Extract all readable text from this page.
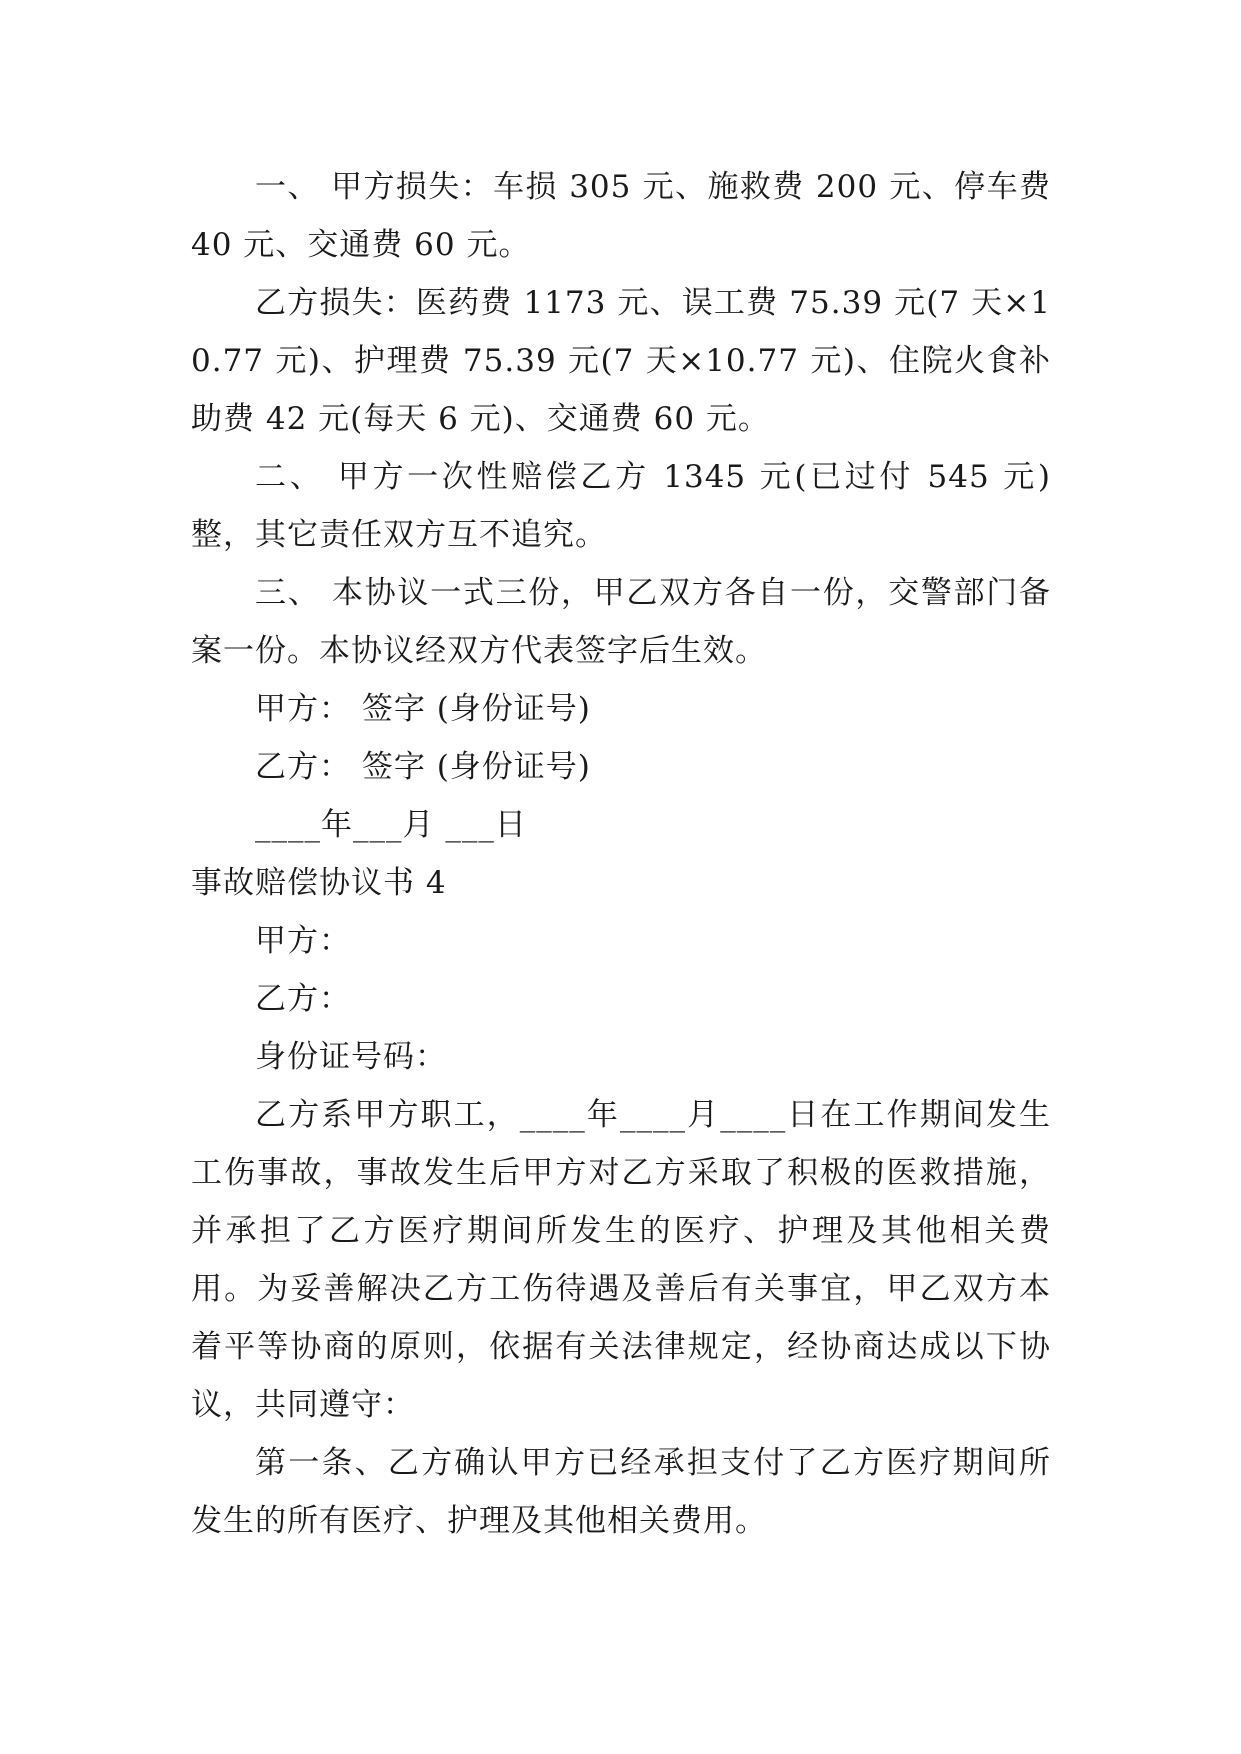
一、 甲方损失：车损 305 元、施救费 200 元、停车费 40 元、交通费 60 元。

乙方损失：医药费 1173 元、误工费 75.39 元(7 天×10.77 元)、护理费 75.39 元(7 天×10.77 元)、住院火食补助费 42 元(每天 6 元)、交通费 60 元。

二、 甲方一次性赔偿乙方 1345 元(已过付 545 元)整，其它责任双方互不追究。

三、 本协议一式三份，甲乙双方各自一份，交警部门备案一份。本协议经双方代表签字后生效。

甲方： 签字 (身份证号)

乙方： 签字 (身份证号)

____年___月 ___日

事故赔偿协议书 4

甲方：

乙方：

身份证号码：

乙方系甲方职工，____年____月____日在工作期间发生工伤事故，事故发生后甲方对乙方采取了积极的医救措施，并承担了乙方医疗期间所发生的医疗、护理及其他相关费用。为妥善解决乙方工伤待遇及善后有关事宜，甲乙双方本着平等协商的原则，依据有关法律规定，经协商达成以下协议，共同遵守：

第一条、乙方确认甲方已经承担支付了乙方医疗期间所发生的所有医疗、护理及其他相关费用。
